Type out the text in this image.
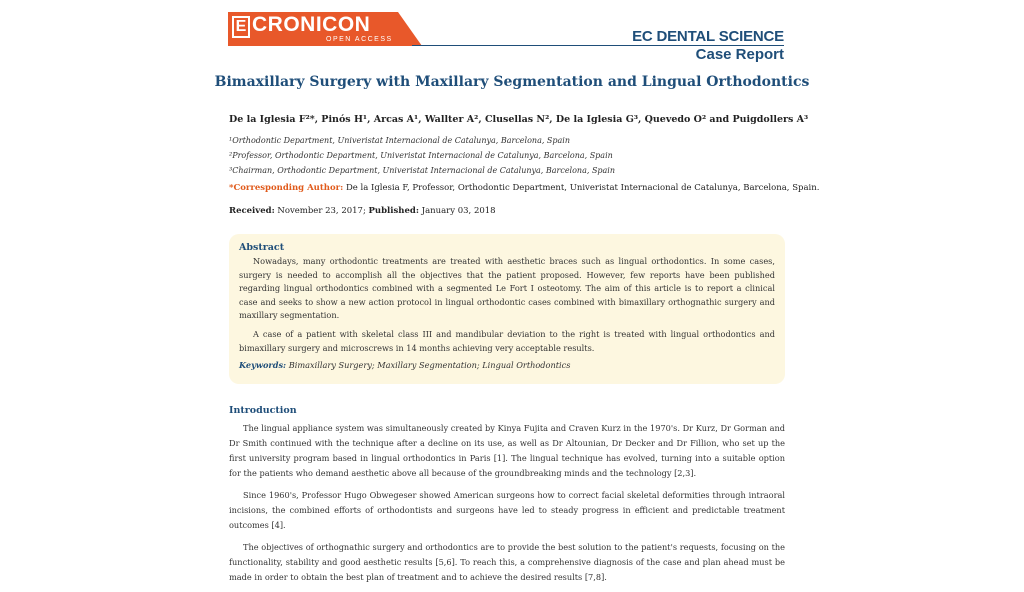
E CRONICON
OPEN ACCESS	EC DENTAL SCIENCE
Case Report
Bimaxillary Surgery with Maxillary Segmentation and Lingual Orthodontics
De la Iglesia F²*, Pinós H¹, Arcas A¹, Wallter A², Clusellas N², De la Iglesia G³, Quevedo O² and Puigdollers A³
¹Orthodontic Department, Univeristat Internacional de Catalunya, Barcelona, Spain
²Professor, Orthodontic Department, Univeristat Internacional de Catalunya, Barcelona, Spain
³Chairman, Orthodontic Department, Univeristat Internacional de Catalunya, Barcelona, Spain
*Corresponding Author: De la Iglesia F, Professor, Orthodontic Department, Univeristat Internacional de Catalunya, Barcelona, Spain.
Received: November 23, 2017; Published: January 03, 2018
Abstract

Nowadays, many orthodontic treatments are treated with aesthetic braces such as lingual orthodontics. In some cases, surgery is needed to accomplish all the objectives that the patient proposed. However, few reports have been published regarding lingual orthodontics combined with a segmented Le Fort I osteotomy. The aim of this article is to report a clinical case and seeks to show a new action protocol in lingual orthodontic cases combined with bimaxillary orthognathic surgery and maxillary segmentation.

A case of a patient with skeletal class III and mandibular deviation to the right is treated with lingual orthodontics and bimaxillary surgery and microscrews in 14 months achieving very acceptable results.

Keywords: Bimaxillary Surgery; Maxillary Segmentation; Lingual Orthodontics
Introduction

The lingual appliance system was simultaneously created by Kinya Fujita and Craven Kurz in the 1970's. Dr Kurz, Dr Gorman and Dr Smith continued with the technique after a decline on its use, as well as Dr Altounian, Dr Decker and Dr Fillion, who set up the first university program based in lingual orthodontics in Paris [1]. The lingual technique has evolved, turning into a suitable option for the patients who demand aesthetic above all because of the groundbreaking minds and the technology [2,3].

Since 1960's, Professor Hugo Obwegeser showed American surgeons how to correct facial skeletal deformities through intraoral incisions, the combined efforts of orthodontists and surgeons have led to steady progress in efficient and predictable treatment outcomes [4].

The objectives of orthognathic surgery and orthodontics are to provide the best solution to the patient's requests, focusing on the functionality, stability and good aesthetic results [5,6]. To reach this, a comprehensive diagnosis of the case and plan ahead must be made in order to obtain the best plan of treatment and to achieve the desired results [7,8].
